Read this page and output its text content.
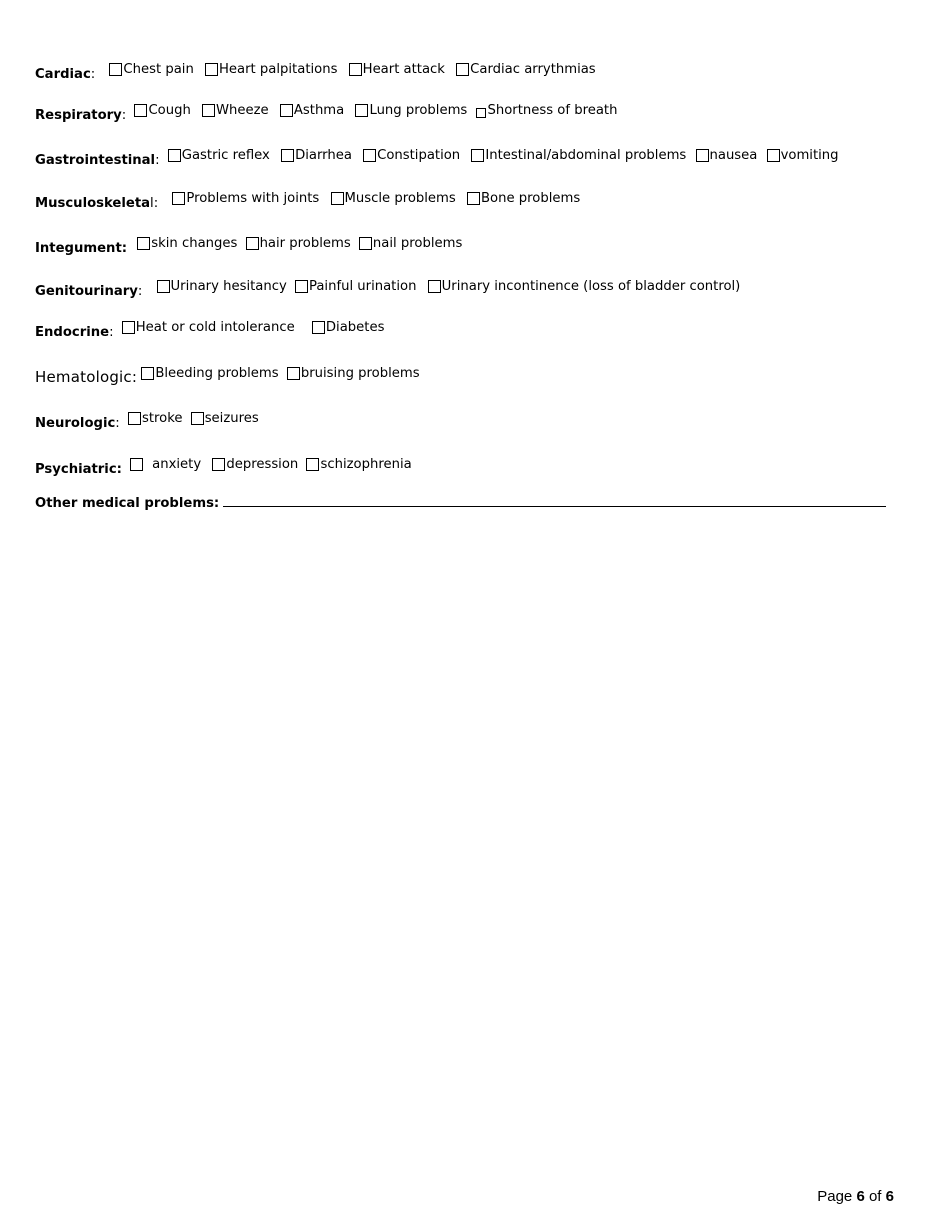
Cardiac: Chest pain
Heart palpitations
Heart attack
Cardiac arrythmias
Respiratory: Cough
Wheeze
Asthma
Lung problems
Shortness of breath
Gastrointestinal: Gastric reflex
Diarrhea
Constipation
Intestinal/abdominal problems
nausea
vomiting
Musculoskeletal: Problems with joints
Muscle problems
Bone problems
Integument: skin changes
hair problems
nail problems
Genitourinary: Urinary hesitancy
Painful urination
Urinary incontinence (loss of bladder control)
Endocrine: Heat or cold intolerance
Diabetes
Hematologic: Bleeding problems
bruising problems
Neurologic: stroke
seizures
Psychiatric: anxiety
depression
schizophrenia
Other medical problems:
Page 6 of 6
